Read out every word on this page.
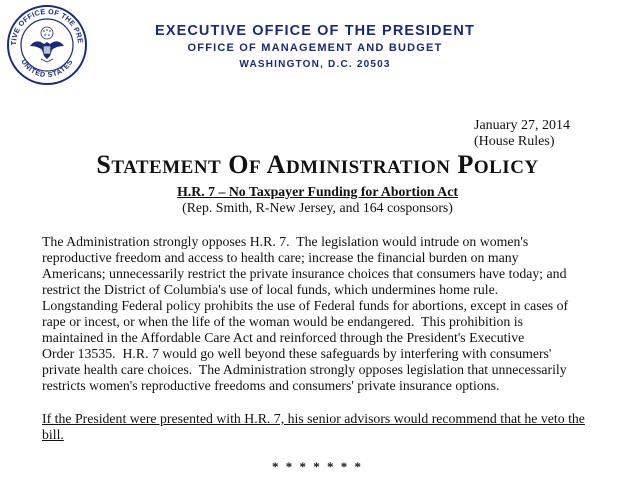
TIVE OFFICE OF THE PRE
UNITED STATES
EXECUTIVE OFFICE OF THE PRESIDENT
OFFICE OF MANAGEMENT AND BUDGET
WASHINGTON, D.C. 20503
January 27, 2014
(House Rules)
STATEMENT OF ADMINISTRATION POLICY
H.R. 7 – No Taxpayer Funding for Abortion Act
(Rep. Smith, R-New Jersey, and 164 cosponsors)
The Administration strongly opposes H.R. 7.  The legislation would intrude on women's
reproductive freedom and access to health care; increase the financial burden on many
Americans; unnecessarily restrict the private insurance choices that consumers have today; and
restrict the District of Columbia's use of local funds, which undermines home rule.
Longstanding Federal policy prohibits the use of Federal funds for abortions, except in cases of
rape or incest, or when the life of the woman would be endangered.  This prohibition is
maintained in the Affordable Care Act and reinforced through the President's Executive
Order 13535.  H.R. 7 would go well beyond these safeguards by interfering with consumers'
private health care choices.  The Administration strongly opposes legislation that unnecessarily
restricts women's reproductive freedoms and consumers' private insurance options.
If the President were presented with H.R. 7, his senior advisors would recommend that he veto the
bill.
* * * * * * *
